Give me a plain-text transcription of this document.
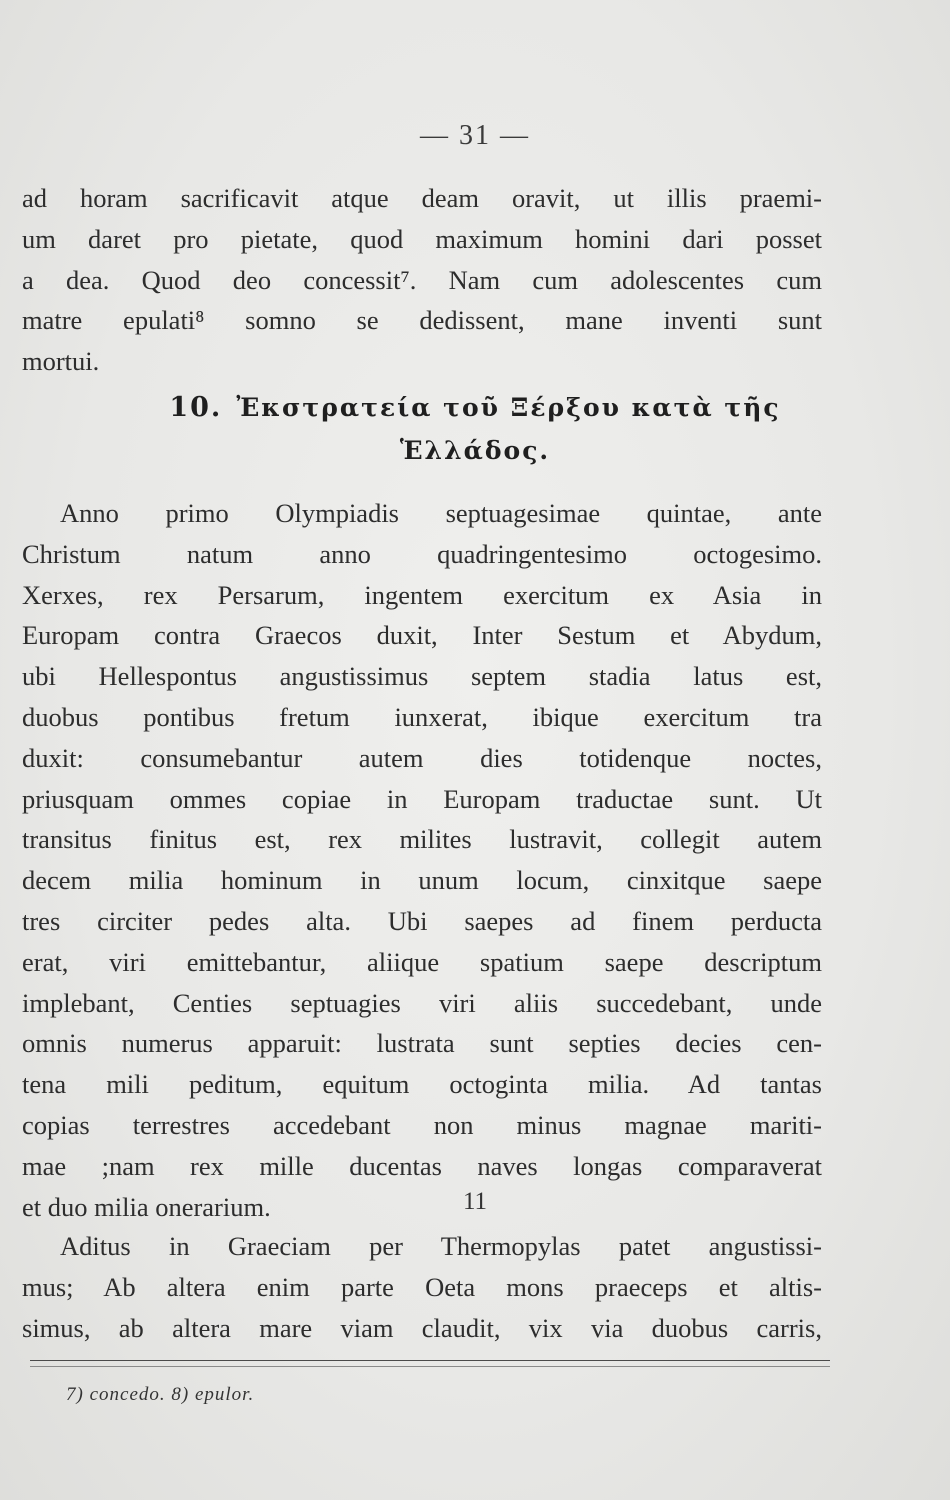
— 31 —
ad horam sacrificavit atque deam oravit, ut illis praemi-
um daret pro pietate, quod maximum homini dari posset
a dea. Quod deo concessit⁷. Nam cum adolescentes cum
matre epulati⁸ somno se dedissent, mane inventi sunt
mortui.
10. Ἐκστρατεία τοῦ Ξέρξου κατὰ τῆς
Ἑλλάδος.
Anno primo Olympiadis septuagesimae quintae, ante
Christum natum anno quadringentesimo octogesimo.
Xerxes, rex Persarum, ingentem exercitum ex Asia in
Europam contra Graecos duxit, Inter Sestum et Abydum,
ubi Hellespontus angustissimus septem stadia latus est,
duobus pontibus fretum iunxerat, ibique exercitum tra
duxit: consumebantur autem dies totidenque noctes,
priusquam ommes copiae in Europam traductae sunt. Ut
transitus finitus est, rex milites lustravit, collegit autem
decem milia hominum in unum locum, cinxitque saepe
tres circiter pedes alta. Ubi saepes ad finem perducta
erat, viri emittebantur, aliique spatium saepe descriptum
implebant, Centies septuagies viri aliis succedebant, unde
omnis numerus apparuit: lustrata sunt septies decies cen-
tena mili peditum, equitum octoginta milia. Ad tantas
copias terrestres accedebant non minus magnae mariti-
mae ;nam rex mille ducentas naves longas comparaverat
et duo milia onerarium.	11
Aditus in Graeciam per Thermopylas patet angustissi-
mus; Ab altera enim parte Oeta mons praeceps et altis-
simus, ab altera mare viam claudit, vix via duobus carris,
7) concedo. 8) epulor.
